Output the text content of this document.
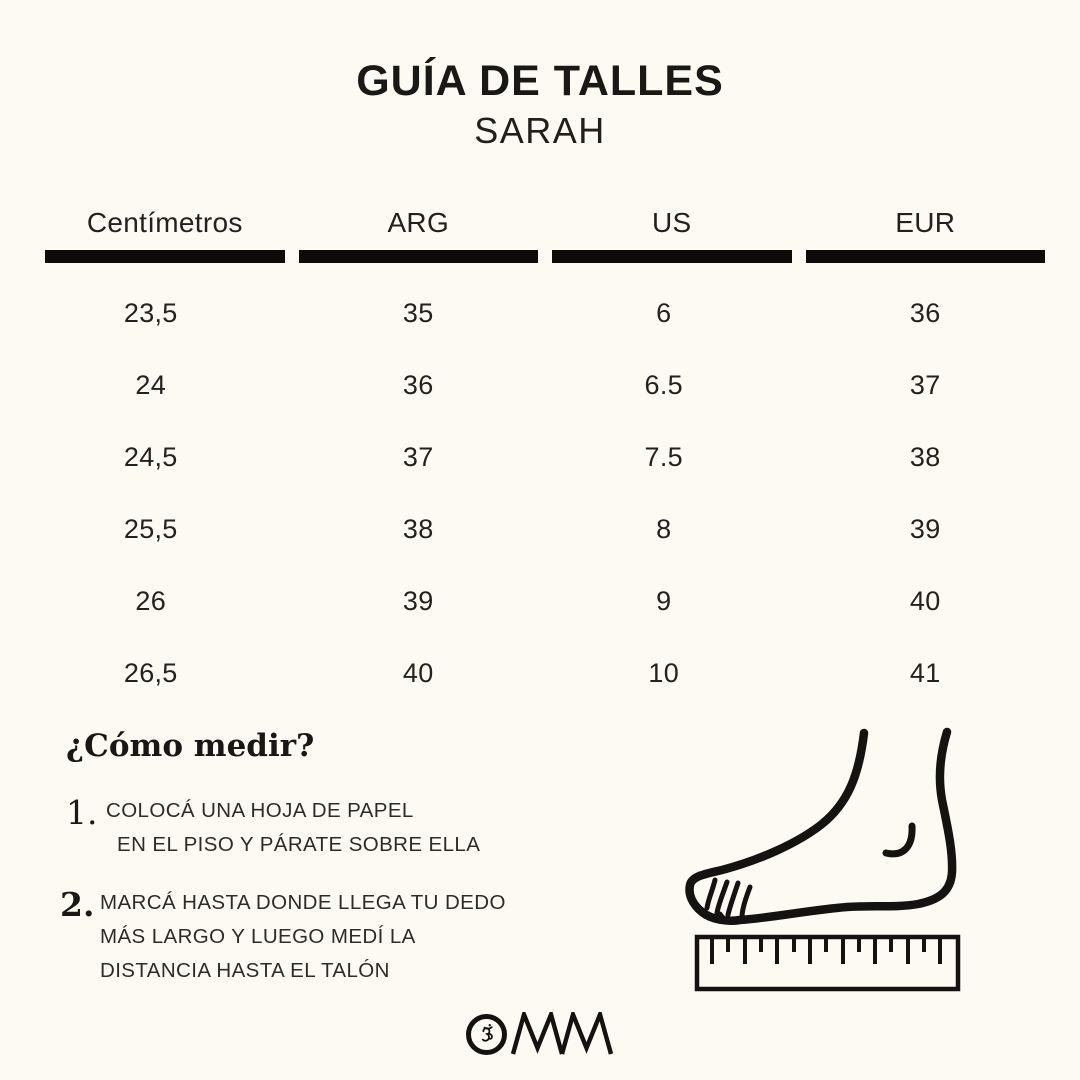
GUÍA DE TALLES
SARAH
Centímetros	ARG	US	EUR
23,5	35	6	36
24	36	6.5	37
24,5	37	7.5	38
25,5	38	8	39
26	39	9	40
26,5	40	10	41
¿Cómo medir?
1. COLOCÁ UNA HOJA DE PAPEL
EN EL PISO Y PÁRATE SOBRE ELLA
2. MARCÁ HASTA DONDE LLEGA TU DEDO
MÁS LARGO Y LUEGO MEDÍ LA
DISTANCIA HASTA EL TALÓN
